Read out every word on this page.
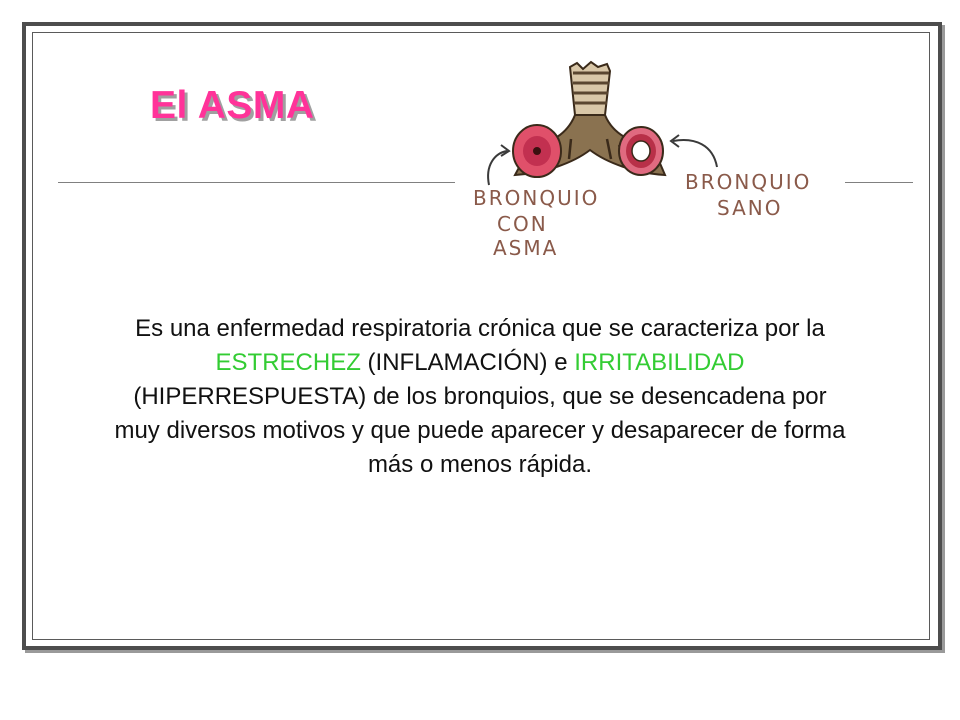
El ASMA
BRONQUIO
CON
ASMA
BRONQUIO
SANO

Es una enfermedad respiratoria crónica que se caracteriza por la ESTRECHEZ (INFLAMACIÓN) e IRRITABILIDAD (HIPERRESPUESTA) de los bronquios, que se desencadena por muy diversos motivos y que puede aparecer y desaparecer de forma más o menos rápida.
